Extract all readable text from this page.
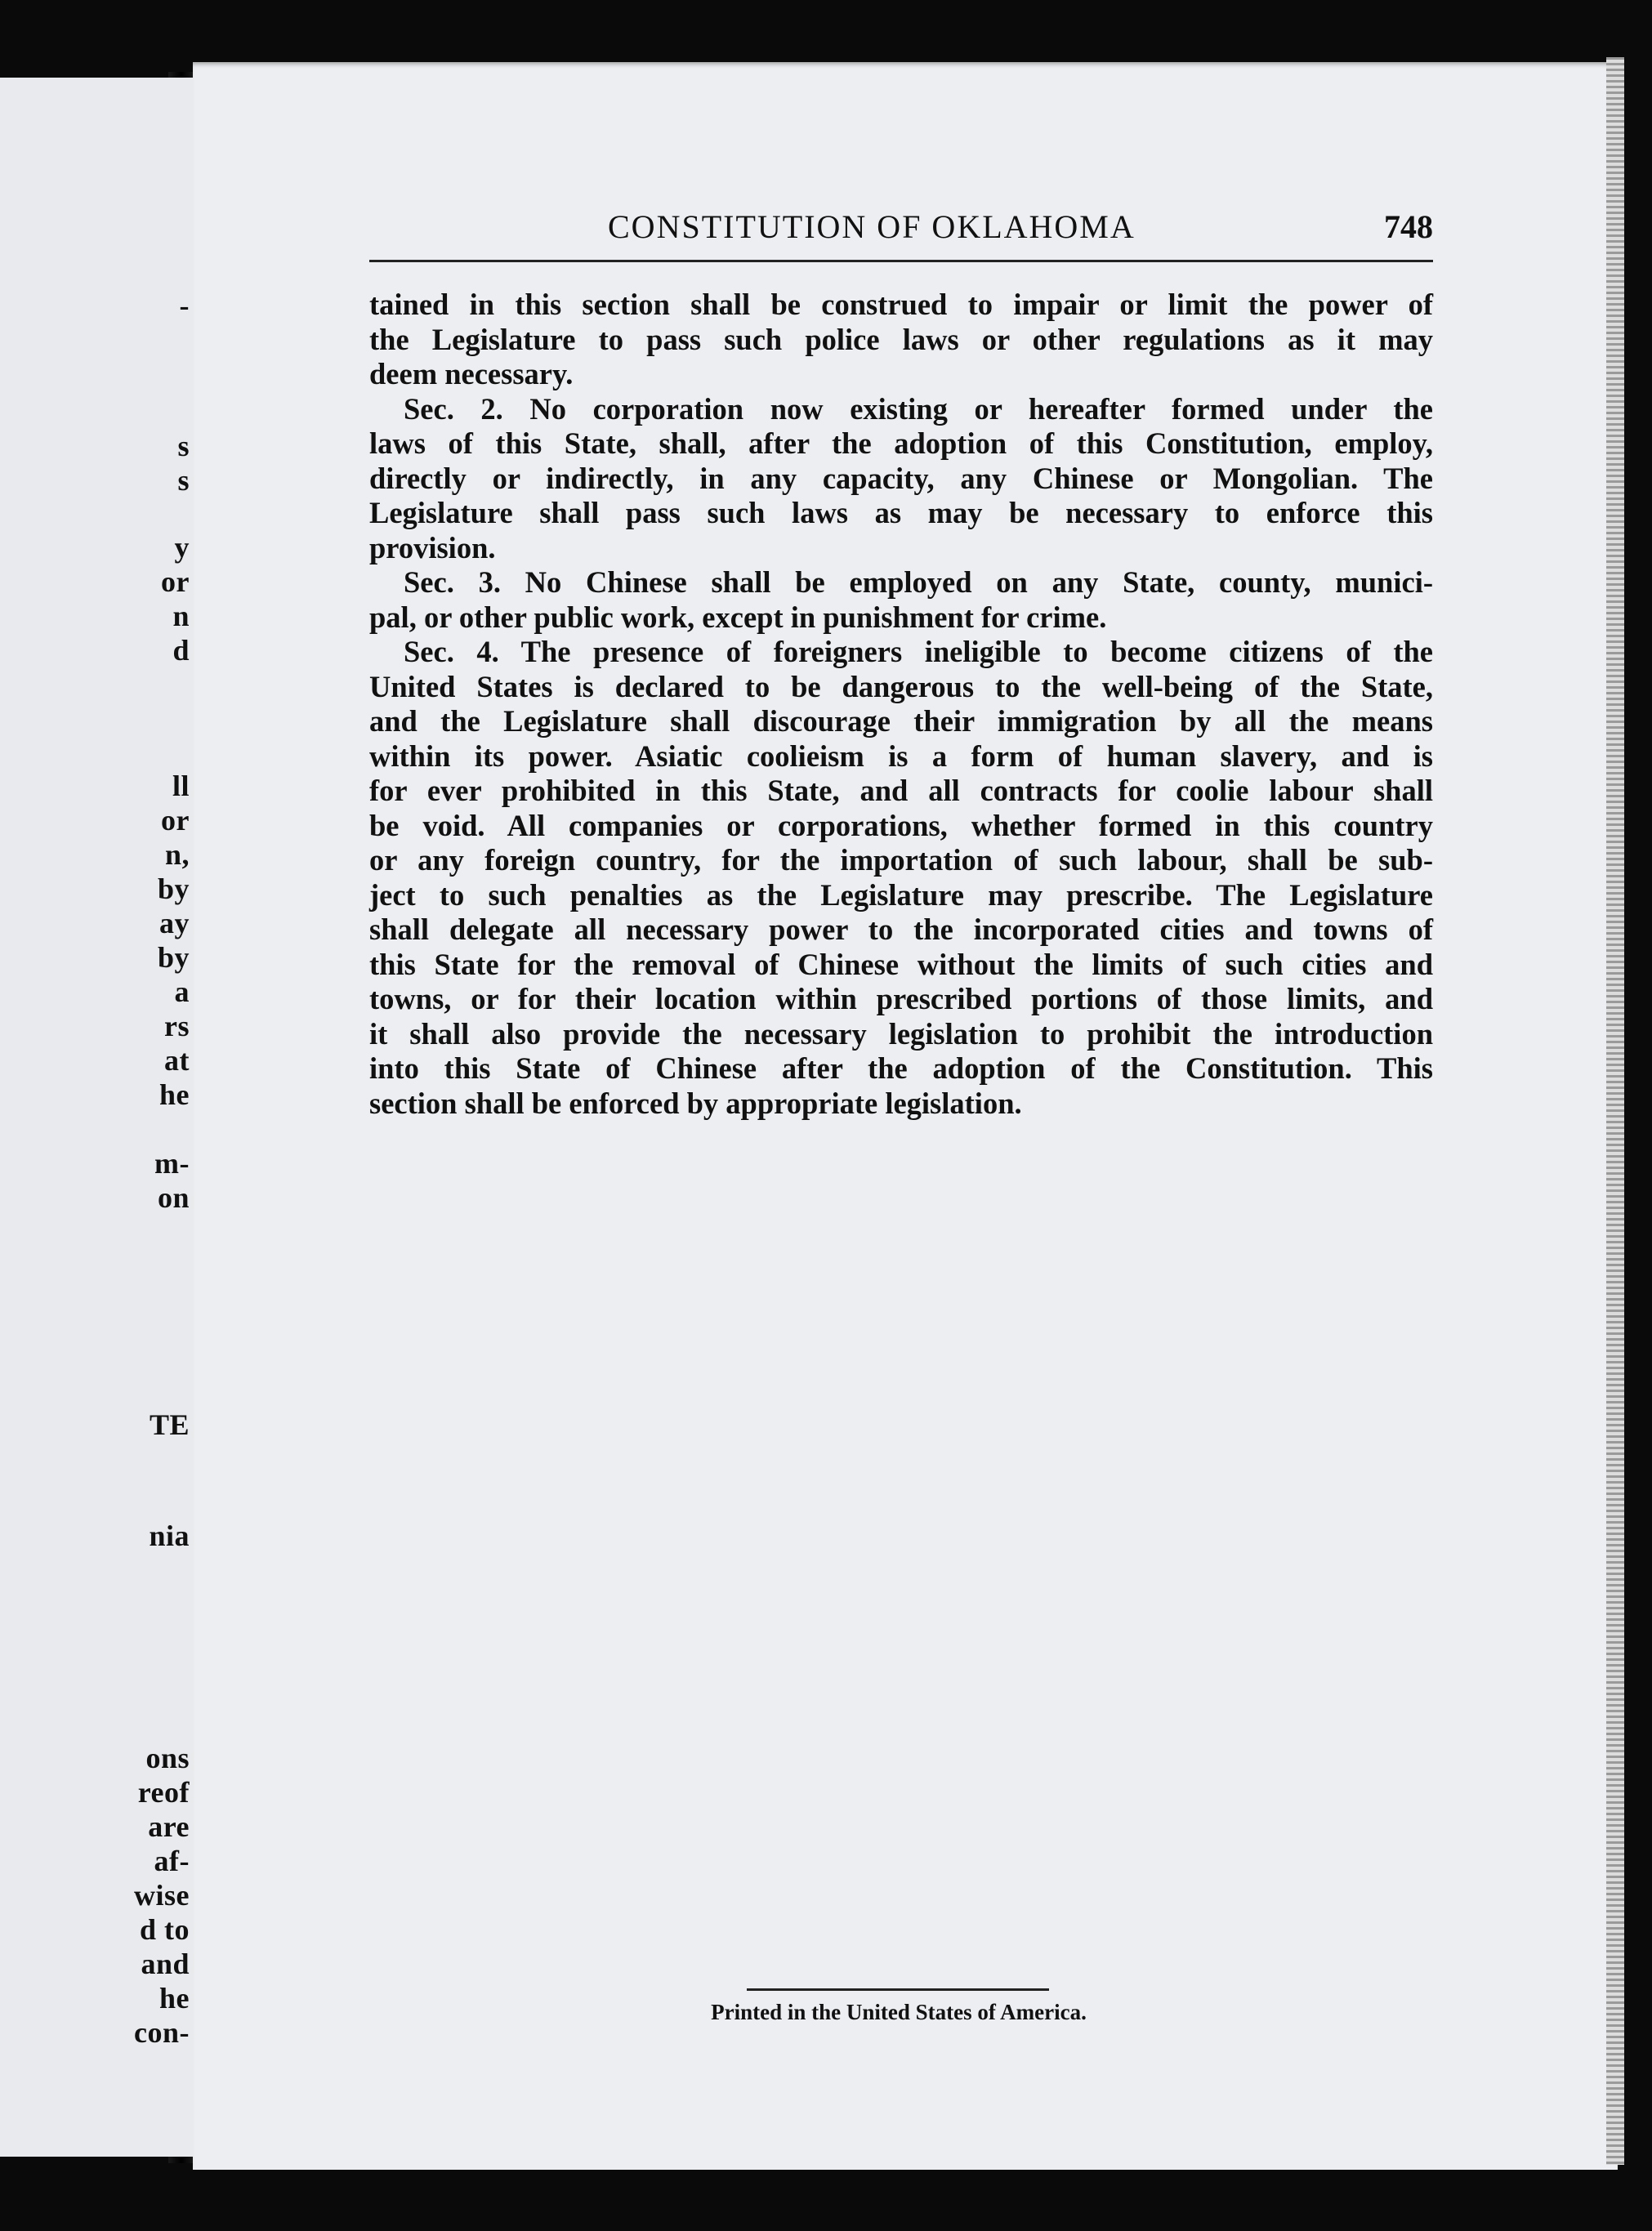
-
s
s
y
or
n
d
ll
or
n,
by
ay
by
a
rs
at
he
m-
on
TE
nia
ons
reof
are
af-
wise
d to
and
he
con-
CONSTITUTION OF OKLAHOMA	748
tained in this section shall be construed to impair or limit the power of
the Legislature to pass such police laws or other regulations as it may
deem necessary.
Sec. 2. No corporation now existing or hereafter formed under the
laws of this State, shall, after the adoption of this Constitution, employ,
directly or indirectly, in any capacity, any Chinese or Mongolian. The
Legislature shall pass such laws as may be necessary to enforce this
provision.
Sec. 3. No Chinese shall be employed on any State, county, munici-
pal, or other public work, except in punishment for crime.
Sec. 4. The presence of foreigners ineligible to become citizens of the
United States is declared to be dangerous to the well-being of the State,
and the Legislature shall discourage their immigration by all the means
within its power. Asiatic coolieism is a form of human slavery, and is
for ever prohibited in this State, and all contracts for coolie labour shall
be void. All companies or corporations, whether formed in this country
or any foreign country, for the importation of such labour, shall be sub-
ject to such penalties as the Legislature may prescribe. The Legislature
shall delegate all necessary power to the incorporated cities and towns of
this State for the removal of Chinese without the limits of such cities and
towns, or for their location within prescribed portions of those limits, and
it shall also provide the necessary legislation to prohibit the introduction
into this State of Chinese after the adoption of the Constitution. This
section shall be enforced by appropriate legislation.
Printed in the United States of America.
